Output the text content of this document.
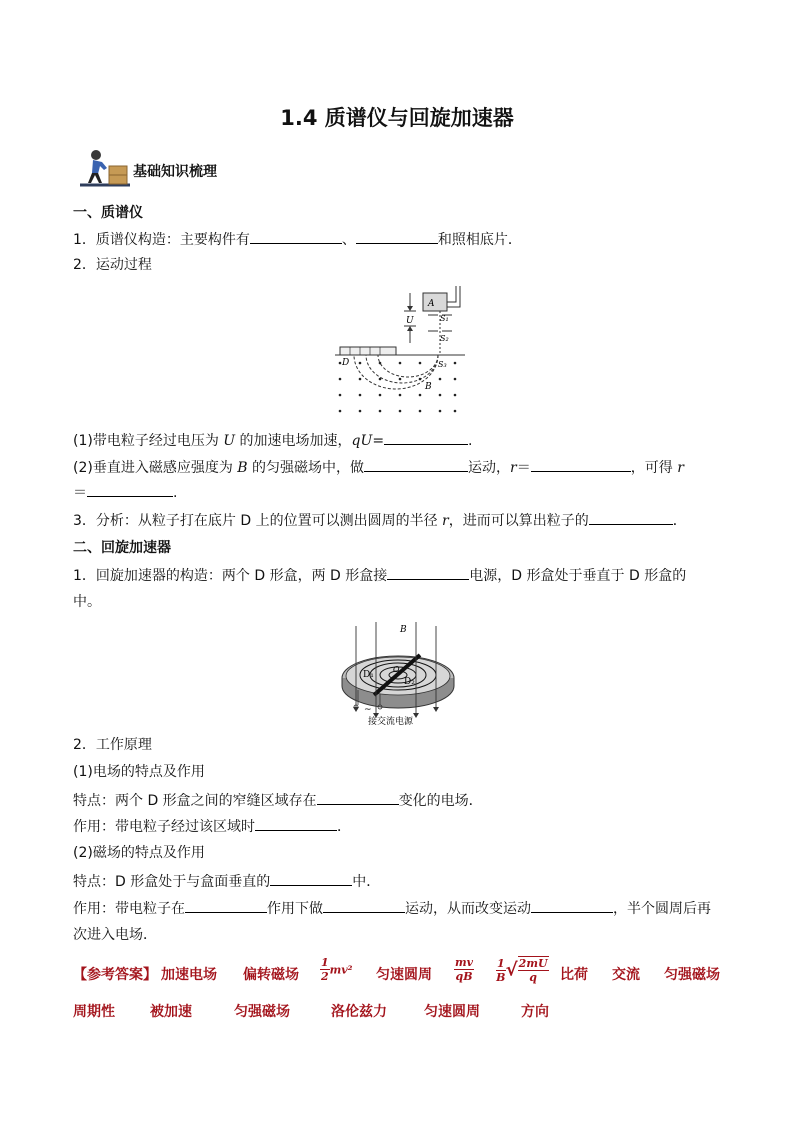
1.4 质谱仪与回旋加速器
基础知识梳理
一、质谱仪
1．质谱仪构造：主要构件有	、	和照相底片．
2．运动过程
A
U	S₁
S₂
D	S₃
B
(1)带电粒子经过电压为 U 的加速电场加速，qU=	.
(2)垂直进入磁感应强度为 B 的匀强磁场中，做	运动，r＝	，可得 r
＝	.
3．分析：从粒子打在底片 D 上的位置可以测出圆周的半径 r，进而可以算出粒子的	．
二、回旋加速器
1．回旋加速器的构造：两个 D 形盒，两 D 形盒接	电源，D 形盒处于垂直于 D 形盒的
中。
B
O
D₁
D₂
~
接交流电源
2．工作原理
(1)电场的特点及作用
特点：两个 D 形盒之间的窄缝区域存在	变化的电场．
作用：带电粒子经过该区域时	．
(2)磁场的特点及作用
特点：D 形盒处于与盒面垂直的	中．
作用：带电粒子在	作用下做	运动，从而改变运动	，半个圆周后再
次进入电场．
【参考答案】 加速电场 偏转磁场 $\frac{1}{2} mv^2$ 匀速圆周 $\frac{mv}{qB} \frac{1}{B}$ √ $\frac{2mU}{q}$ 比荷 交流 匀强磁场
周期性	被加速	匀强磁场	洛伦兹力	匀速圆周	方向
